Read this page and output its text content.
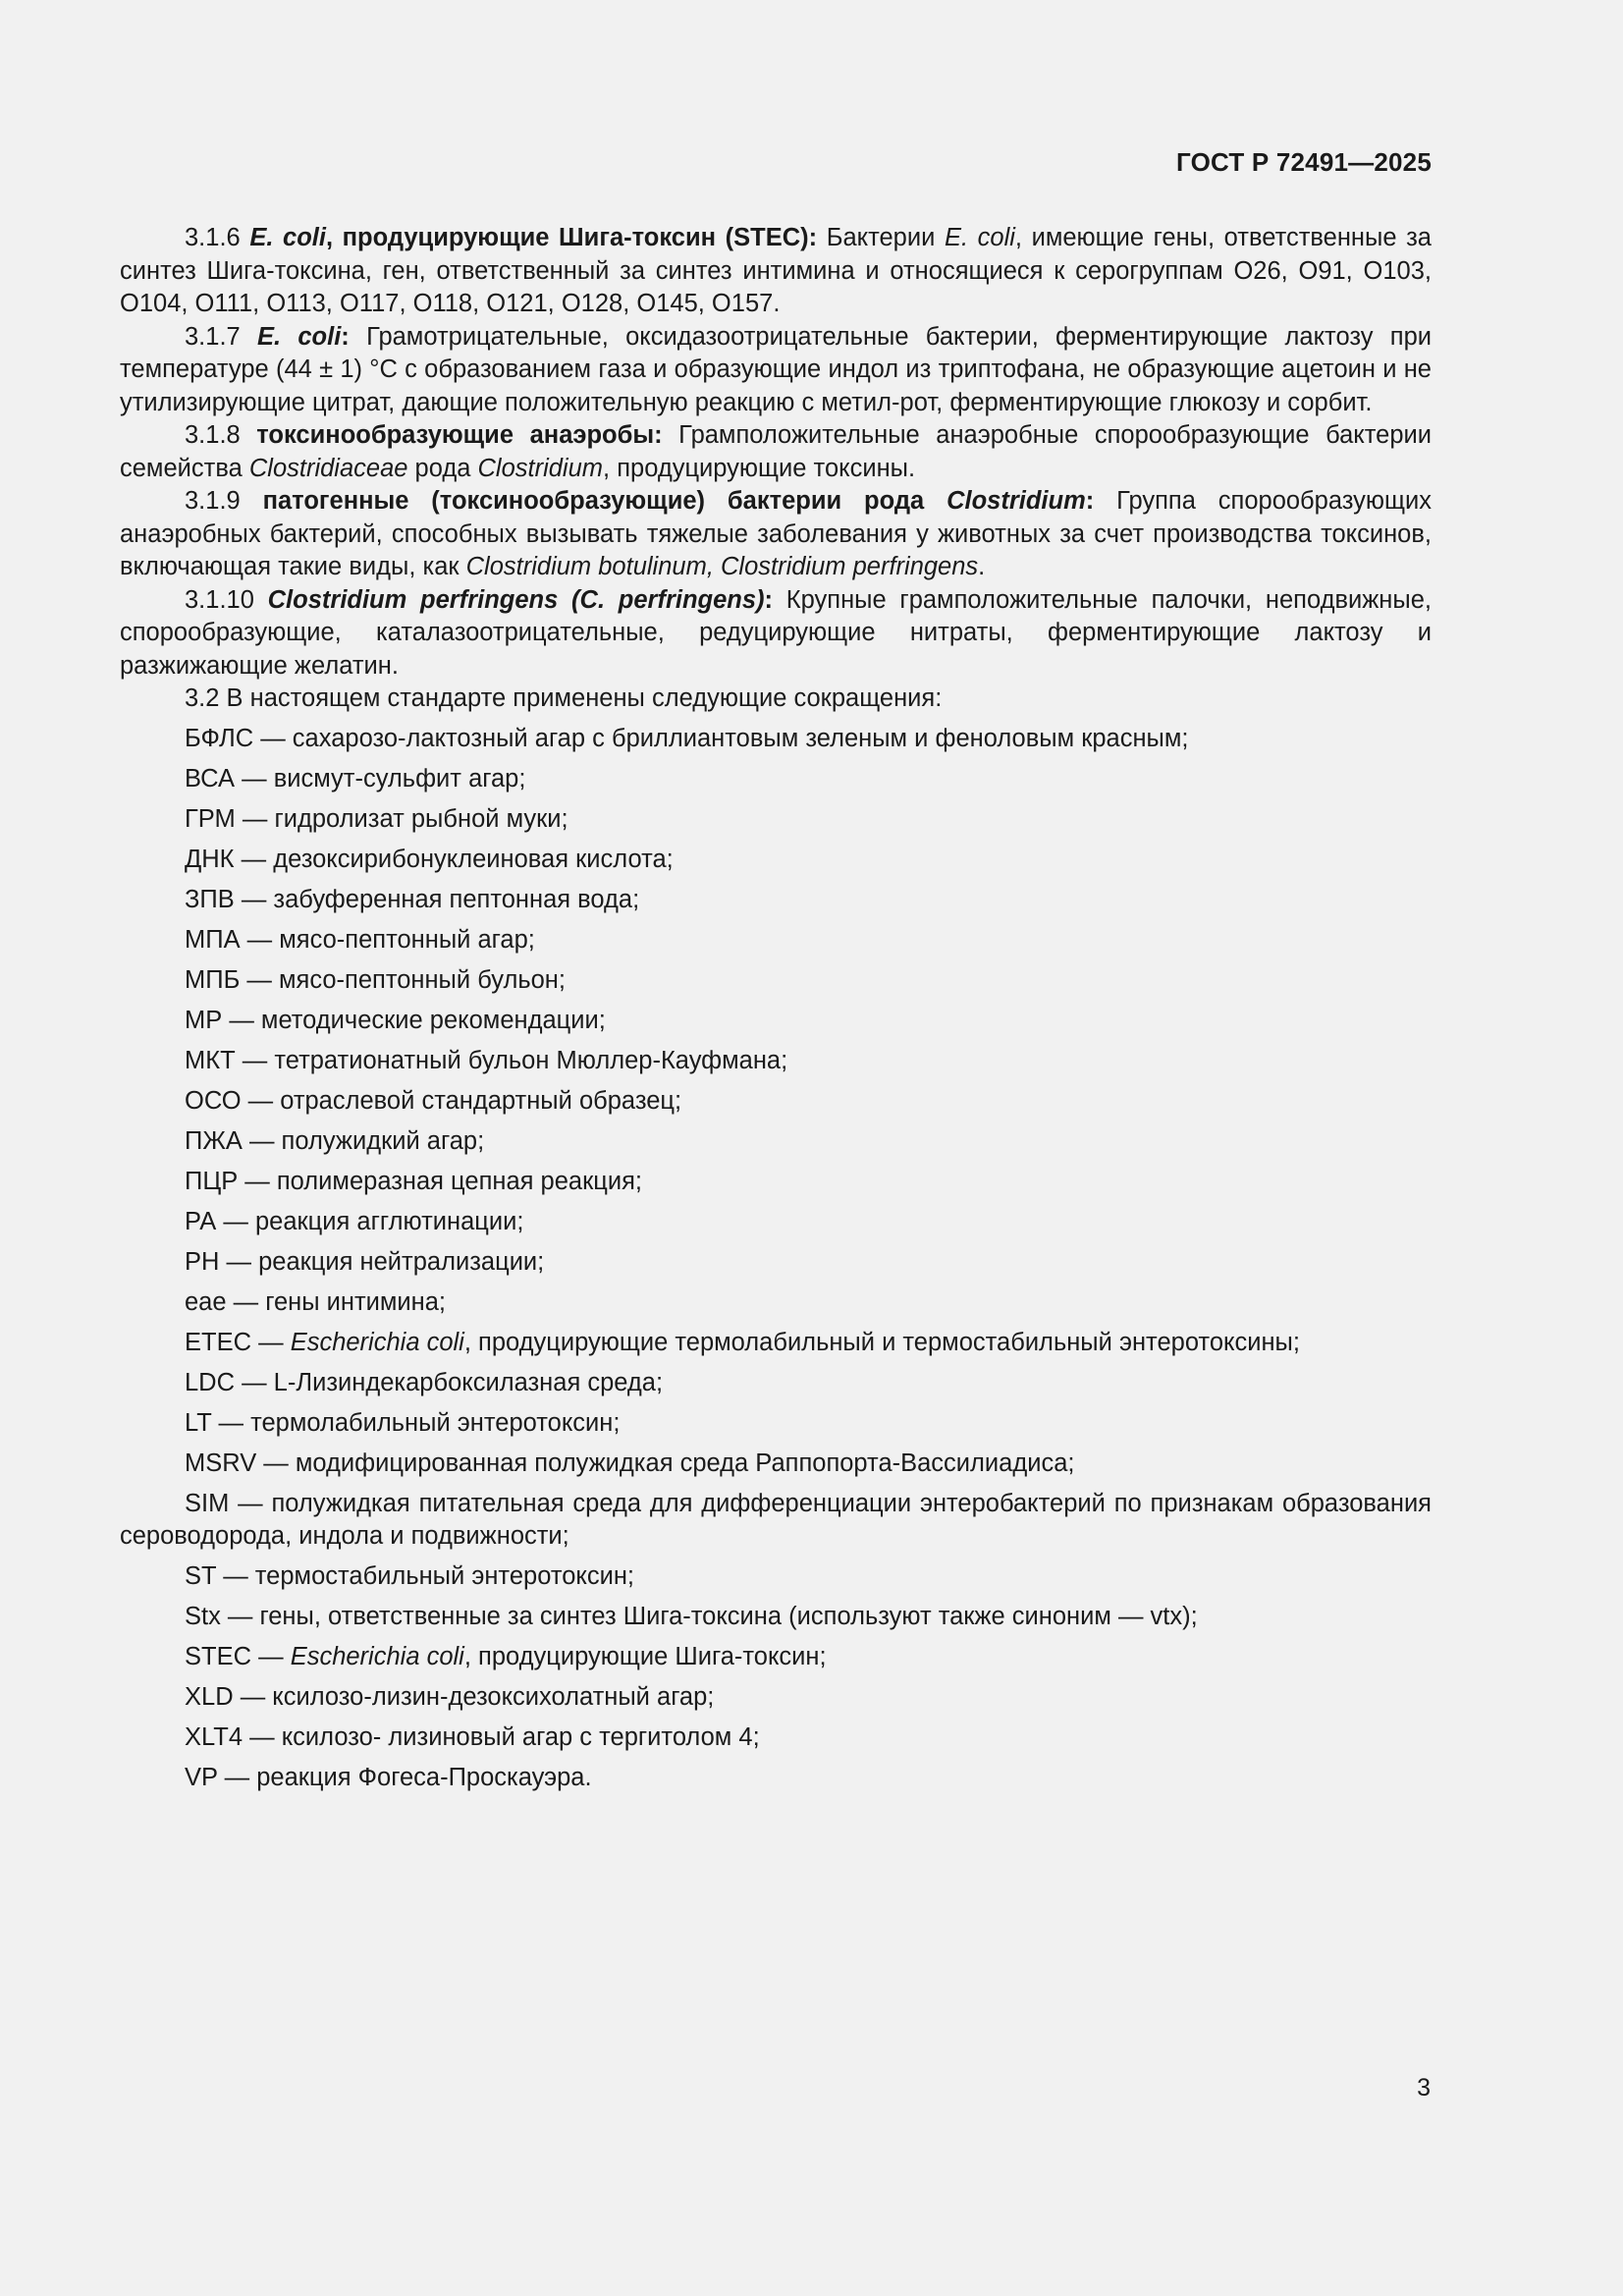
ГОСТ Р 72491—2025

3.1.6 E. coli, продуцирующие Шига-токсин (STEC): Бактерии E. coli, имеющие гены, ответственные за синтез Шига-токсина, ген, ответственный за синтез интимина и относящиеся к серогруппам О26, О91, О103, О104, О111, О113, О117, О118, О121, О128, О145, О157.

3.1.7 E. coli: Грамотрицательные, оксидазоотрицательные бактерии, ферментирующие лактозу при температуре (44 ± 1) °С с образованием газа и образующие индол из триптофана, не образующие ацетоин и не утилизирующие цитрат, дающие положительную реакцию с метил-рот, ферментирующие глюкозу и сорбит.

3.1.8 токсинообразующие анаэробы: Грамположительные анаэробные спорообразующие бактерии семейства Clostridiaceae рода Clostridium, продуцирующие токсины.

3.1.9 патогенные (токсинообразующие) бактерии рода Clostridium: Группа спорообразующих анаэробных бактерий, способных вызывать тяжелые заболевания у животных за счет производства токсинов, включающая такие виды, как Clostridium botulinum, Clostridium perfringens.

3.1.10 Clostridium perfringens (C. perfringens): Крупные грамположительные палочки, неподвижные, спорообразующие, каталазоотрицательные, редуцирующие нитраты, ферментирующие лактозу и разжижающие желатин.

3.2 В настоящем стандарте применены следующие сокращения:

БФЛС — сахарозо-лактозный агар с бриллиантовым зеленым и феноловым красным;

ВСА — висмут-сульфит агар;

ГРМ — гидролизат рыбной муки;

ДНК — дезоксирибонуклеиновая кислота;

ЗПВ — забуференная пептонная вода;

МПА — мясо-пептонный агар;

МПБ — мясо-пептонный бульон;

МР — методические рекомендации;

МКТ — тетратионатный бульон Мюллер-Кауфмана;

ОСО — отраслевой стандартный образец;

ПЖА — полужидкий агар;

ПЦР — полимеразная цепная реакция;

РА — реакция агглютинации;

РН — реакция нейтрализации;

eae — гены интимина;

ETEC — Escherichia coli, продуцирующие термолабильный и термостабильный энтеротоксины;

LDC — L-Лизиндекарбоксилазная среда;

LT — термолабильный энтеротоксин;

MSRV — модифицированная полужидкая среда Раппопорта-Вассилиадиса;

SIM — полужидкая питательная среда для дифференциации энтеробактерий по признакам образования сероводорода, индола и подвижности;

ST — термостабильный энтеротоксин;

Stx — гены, ответственные за синтез Шига-токсина (используют также синоним — vtx);

STEC — Escherichia coli, продуцирующие Шига-токсин;

XLD — ксилозо-лизин-дезоксихолатный агар;

XLT4 — ксилозо- лизиновый агар с тергитолом 4;

VP — реакция Фогеса-Проскауэра.

3
